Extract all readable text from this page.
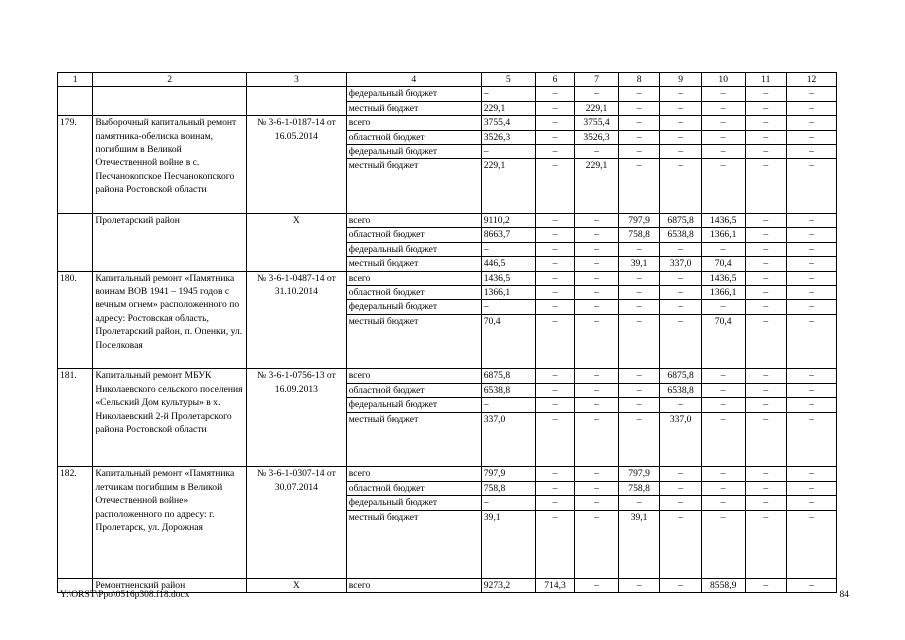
1	2	3	4	5	6	7	8	9	10	11	12
			федеральный бюджет	–	–	–	–	–	–	–	–
			местный бюджет	229,1	–	229,1	–	–	–	–	–
179.	Выборочный капитальный ремонт памятника-обелиска воинам, погибшим в Великой Отечественной войне в с. Песчанокопское Песчанокопского района Ростовской области	№ 3-6-1-0187-14 от 16.05.2014	всего	3755,4	–	3755,4	–	–	–	–	–
			областной бюджет	3526,3	–	3526,3	–	–	–	–	–
			федеральный бюджет	–	–	–	–	–	–	–	–
			местный бюджет	229,1	–	229,1	–	–	–	–	–
	Пролетарский район	Х	всего	9110,2	–	–	797,9	6875,8	1436,5	–	–
			областной бюджет	8663,7	–	–	758,8	6538,8	1366,1	–	–
			федеральный бюджет	–	–	–	–	–	–	–	–
			местный бюджет	446,5	–	–	39,1	337,0	70,4	–	–
180.	Капитальный ремонт «Памятника воинам ВОВ 1941 – 1945 годов с вечным огнем» расположенного по адресу: Ростовская область, Пролетарский район, п. Опенки, ул. Поселковая	№ 3-6-1-0487-14 от 31.10.2014	всего	1436,5	–	–	–	–	1436,5	–	–
			областной бюджет	1366,1	–	–	–	–	1366,1	–	–
			федеральный бюджет	–	–	–	–	–	–	–	–
			местный бюджет	70,4	–	–	–	–	70,4	–	–
181.	Капитальный ремонт МБУК Николаевского сельского поселения «Сельский Дом культуры» в х. Николаевский 2-й Пролетарского района Ростовской области	№ 3-6-1-0756-13 от 16.09.2013	всего	6875,8	–	–	–	6875,8	–	–	–
			областной бюджет	6538,8	–	–	–	6538,8	–	–	–
			федеральный бюджет	–	–	–	–	–	–	–	–
			местный бюджет	337,0	–	–	–	337,0	–	–	–
182.	Капитальный ремонт «Памятника летчикам погибшим в Великой Отечественной войне» расположенного по адресу: г. Пролетарск, ул. Дорожная	№ 3-6-1-0307-14 от 30.07.2014	всего	797,9	–	–	797,9	–	–	–	–
			областной бюджет	758,8	–	–	758,8	–	–	–	–
			федеральный бюджет	–	–	–	–	–	–	–	–
			местный бюджет	39,1	–	–	39,1	–	–	–	–
	Ремонтненский район	Х	всего	9273,2	714,3	–	–	–	8558,9	–	–
Y:\ORST\Ppo\0516p308.f18.docx	84
